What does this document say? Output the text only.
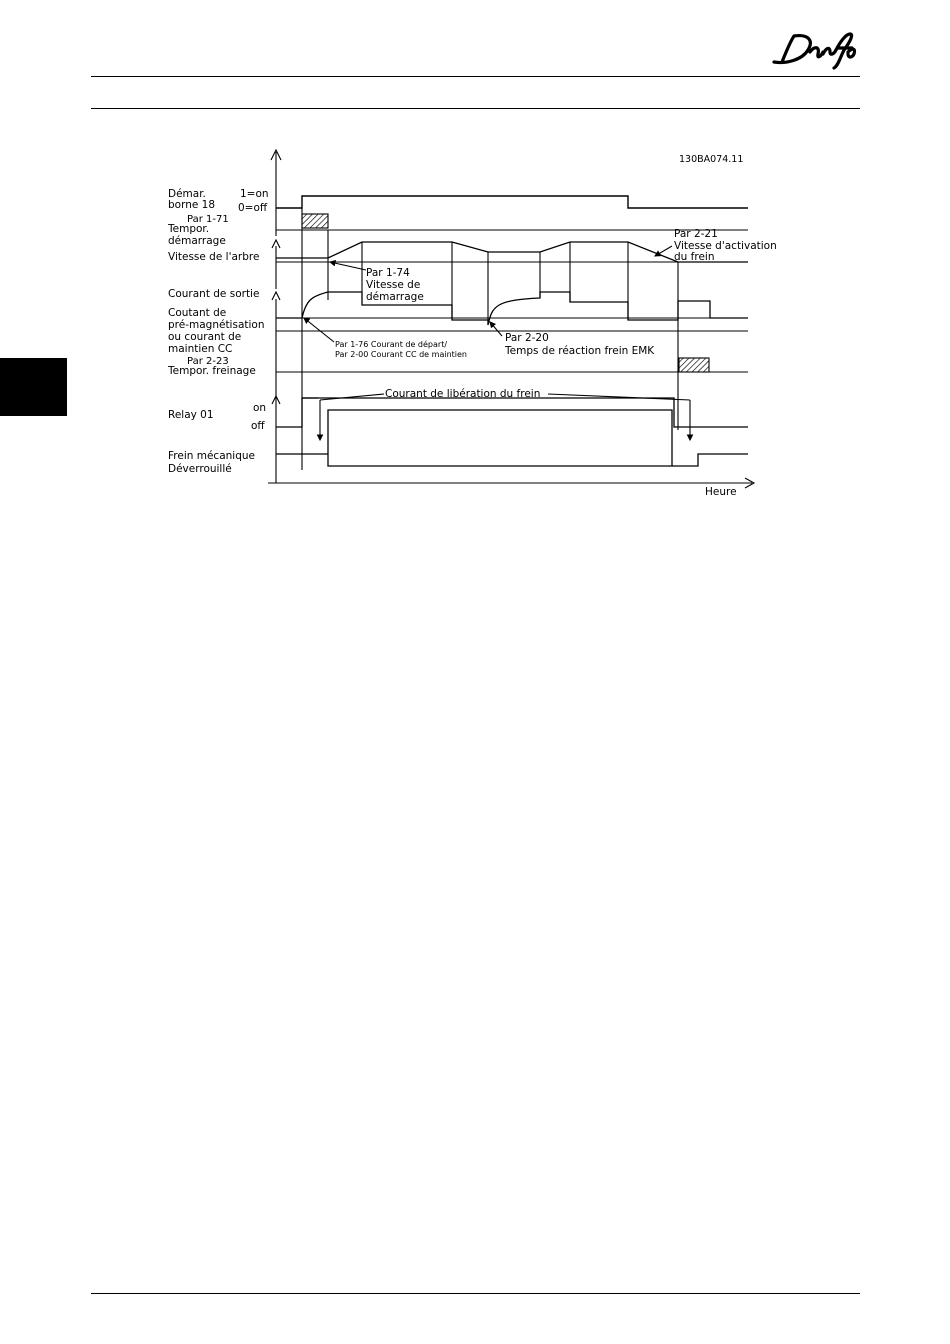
Danfoss
130BA074.11
Démar.
borne 18
1=on
0=off
Par 1-71
Tempor.
démarrage
Vitesse de l'arbre
Courant de sortie
Coutant de
pré-magnétisation
ou courant de
maintien CC
Par 2-23
Tempor. freinage
Relay 01
on
off
Frein mécanique
Déverrouillé
Heure
Par 2-21
Vitesse d'activation
du frein
Par 1-74
Vitesse de
démarrage
Par 1-76 Courant de départ/
Par 2-00 Courant CC de maintien
Par 2-20
Temps de réaction frein EMK
Courant de libération du frein
